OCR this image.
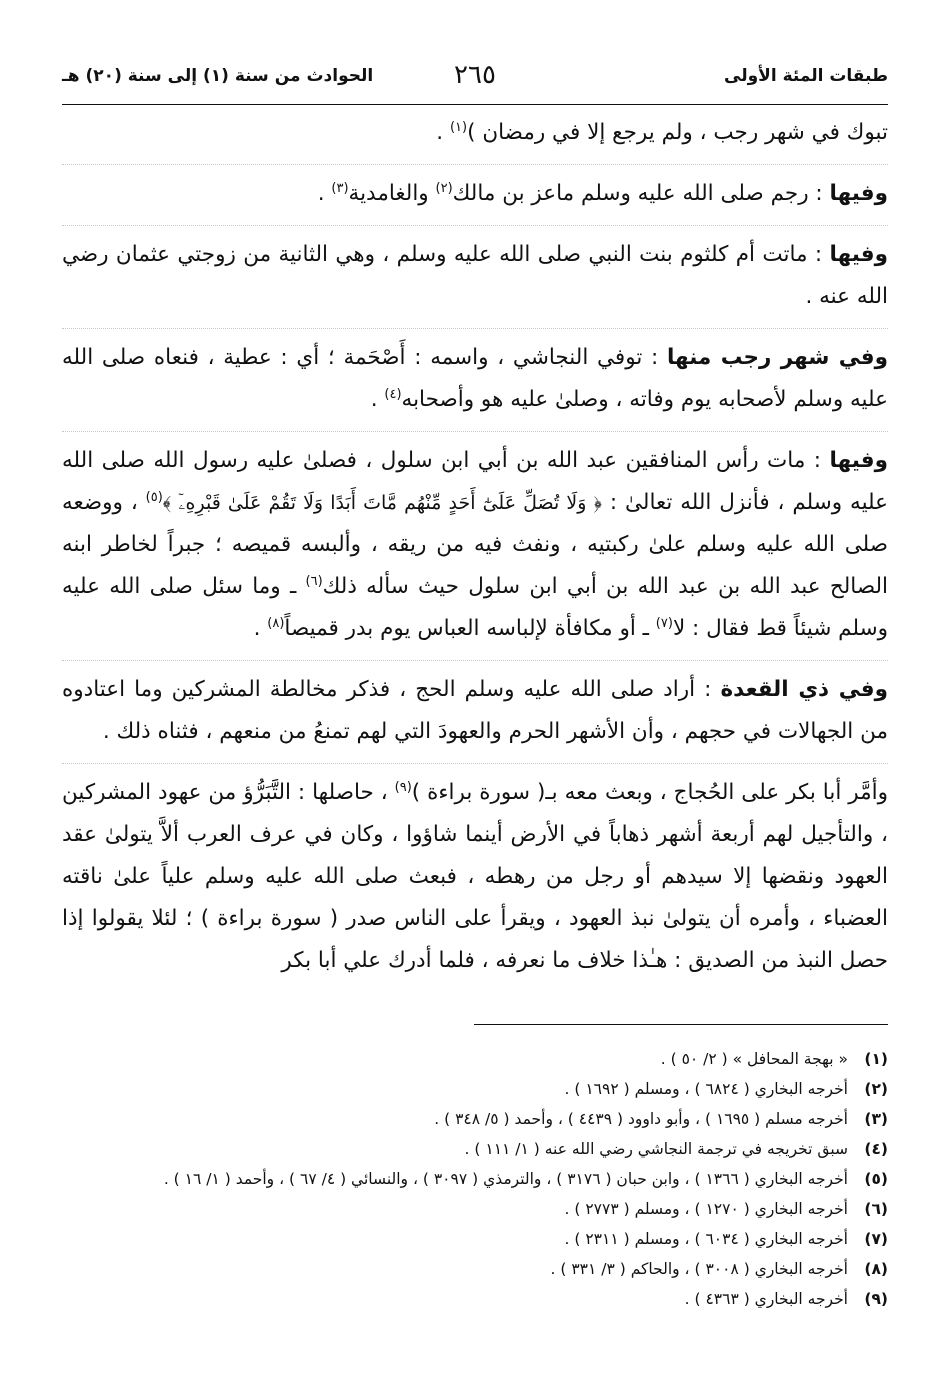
طبقات المئة الأولى
٢٦٥
الحوادث من سنة (١) إلى سنة (٢٠) هـ

تبوك في شهر رجب ، ولم يرجع إلا في رمضان )$^{(١)}$ .

وفيها : رجم صلى الله عليه وسلم ماعز بن مالك$^{(٢)}$ والغامدية$^{(٣)}$ .

وفيها : ماتت أم كلثوم بنت النبي صلى الله عليه وسلم ، وهي الثانية من زوجتي عثمان رضي الله عنه .

وفي شهر رجب منها : توفي النجاشي ، واسمه : أَصْحَمة ؛ أي : عطية ، فنعاه صلى الله عليه وسلم لأصحابه يوم وفاته ، وصلىٰ عليه هو وأصحابه$^{(٤)}$ .

وفيها : مات رأس المنافقين عبد الله بن أبي ابن سلول ، فصلىٰ عليه رسول الله صلى الله عليه وسلم ، فأنزل الله تعالىٰ : ﴿ وَلَا تُصَلِّ عَلَىٰٓ أَحَدٍ مِّنْهُم مَّاتَ أَبَدًا وَلَا تَقُمْ عَلَىٰ قَبْرِهِۦٓ ﴾$^{(٥)}$ ، ووضعه صلى الله عليه وسلم علىٰ ركبتيه ، ونفث فيه من ريقه ، وألبسه قميصه ؛ جبراً لخاطر ابنه الصالح عبد الله بن عبد الله بن أبي ابن سلول حيث سأله ذلك$^{(٦)}$ ـ وما سئل صلى الله عليه وسلم شيئاً قط فقال : لا$^{(٧)}$ ـ أو مكافأة لإلباسه العباس يوم بدر قميصاً$^{(٨)}$ .

وفي ذي القعدة : أراد صلى الله عليه وسلم الحج ، فذكر مخالطة المشركين وما اعتادوه من الجهالات في حجهم ، وأن الأشهر الحرم والعهودَ التي لهم تمنعُ من منعهم ، فثناه ذلك .

وأمَّر أبا بكر على الحُجاج ، وبعث معه بـ( سورة براءة )$^{(٩)}$ ، حاصلها : التَّبَرُّؤ من عهود المشركين ، والتأجيل لهم أربعة أشهر ذهاباً في الأرض أينما شاؤوا ، وكان في عرف العرب ألاَّ يتولىٰ عقد العهود ونقضها إلا سيدهم أو رجل من رهطه ، فبعث صلى الله عليه وسلم علياً علىٰ ناقته العضباء ، وأمره أن يتولىٰ نبذ العهود ، ويقرأ على الناس صدر ( سورة براءة ) ؛ لئلا يقولوا إذا حصل النبذ من الصديق : هـٰذا خلاف ما نعرفه ، فلما أدرك علي أبا بكر

(١)« بهجة المحافل » ( ٢/ ٥٠ ) .
(٢)أخرجه البخاري ( ٦٨٢٤ ) ، ومسلم ( ١٦٩٢ ) .
(٣)أخرجه مسلم ( ١٦٩٥ ) ، وأبو داوود ( ٤٤٣٩ ) ، وأحمد ( ٥/ ٣٤٨ ) .
(٤)سبق تخريجه في ترجمة النجاشي رضي الله عنه ( ١/ ١١١ ) .
(٥)أخرجه البخاري ( ١٣٦٦ ) ، وابن حبان ( ٣١٧٦ ) ، والترمذي ( ٣٠٩٧ ) ، والنسائي ( ٤/ ٦٧ ) ، وأحمد ( ١/ ١٦ ) .
(٦)أخرجه البخاري ( ١٢٧٠ ) ، ومسلم ( ٢٧٧٣ ) .
(٧)أخرجه البخاري ( ٦٠٣٤ ) ، ومسلم ( ٢٣١١ ) .
(٨)أخرجه البخاري ( ٣٠٠٨ ) ، والحاكم ( ٣/ ٣٣١ ) .
(٩)أخرجه البخاري ( ٤٣٦٣ ) .
